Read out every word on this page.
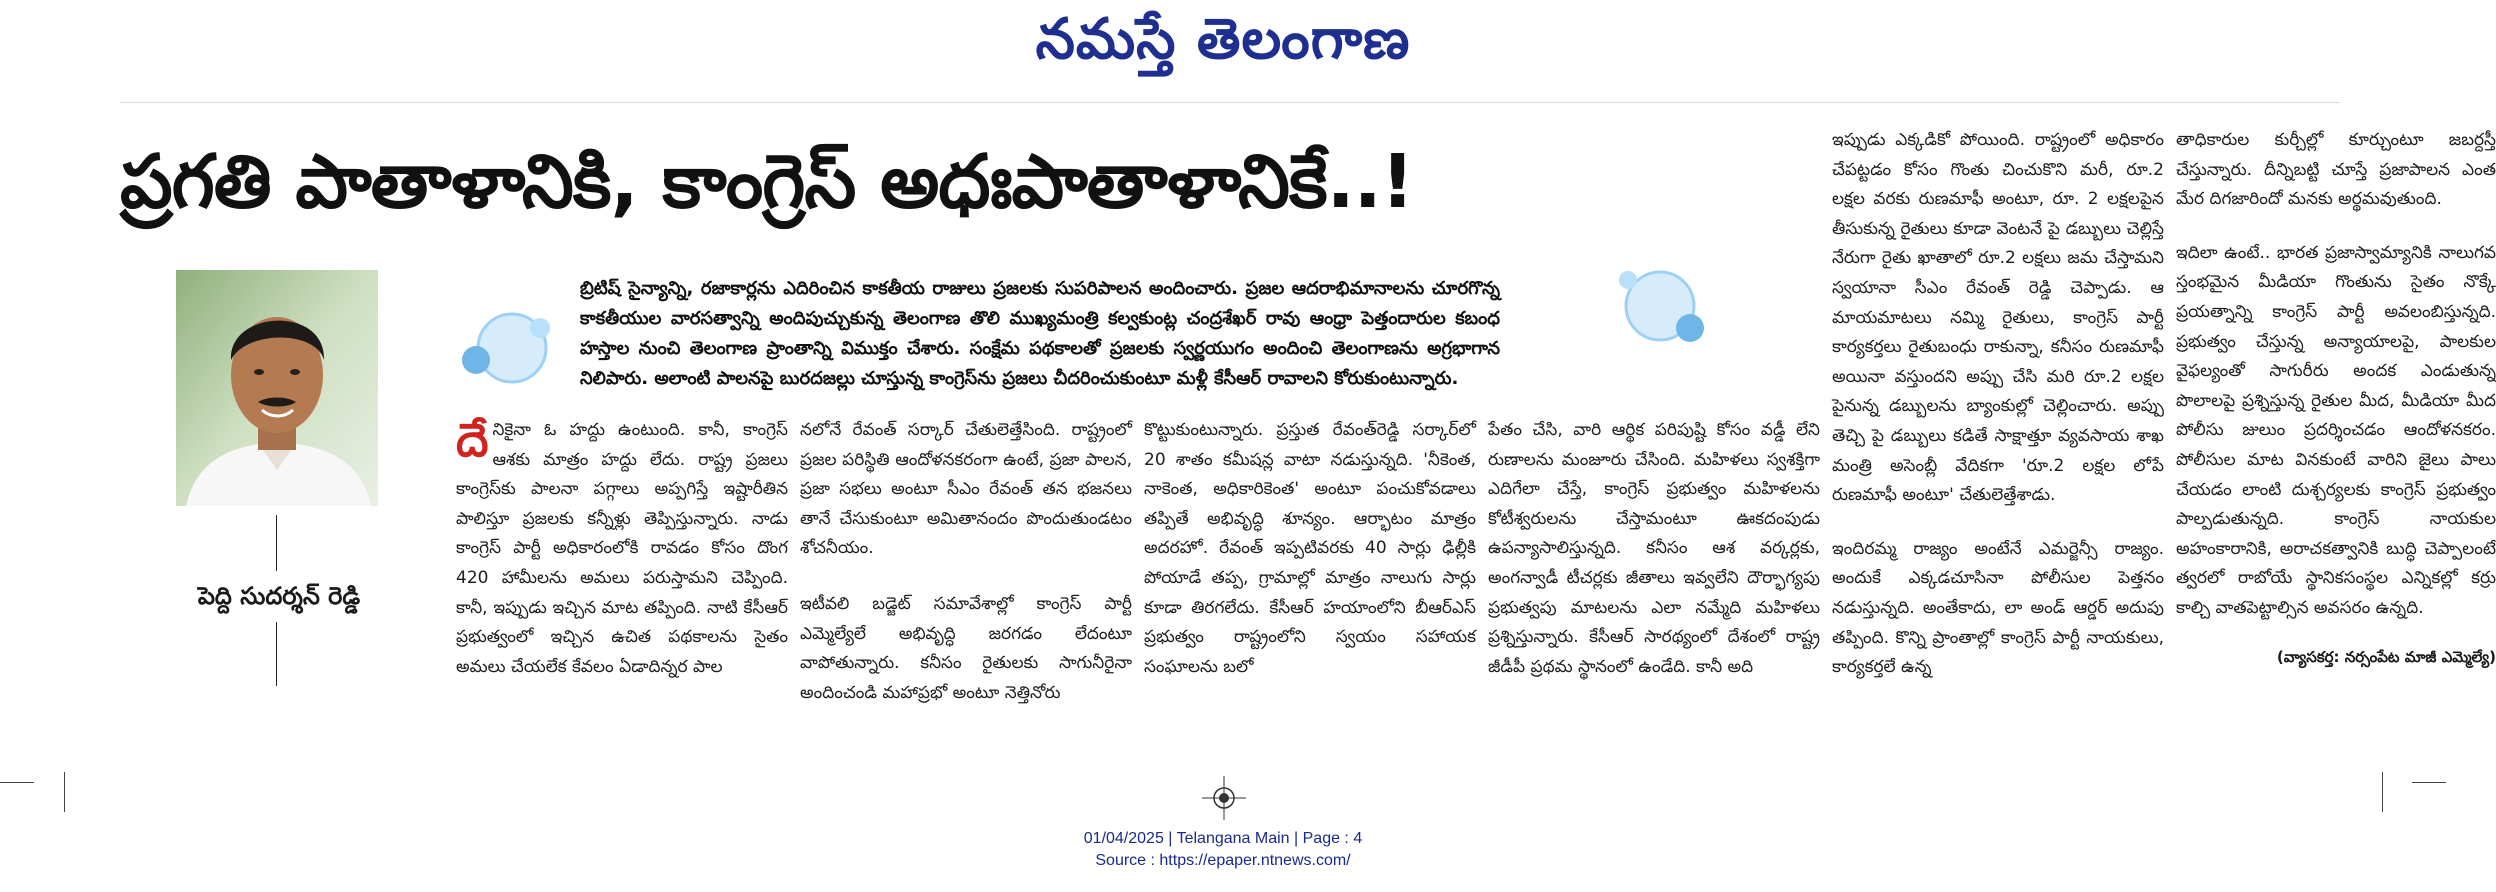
నమస్తే తెలంగాణ
ప్రగతి పాతాళానికి, కాంగ్రెస్ అధఃపాతాళానికే..!
పెద్ది సుదర్శన్ రెడ్డి
బ్రిటిష్ సైన్యాన్ని, రజాకార్లను ఎదిరించిన కాకతీయ రాజులు ప్రజలకు సుపరిపాలన అందించారు. ప్రజల ఆదరాభిమానాలను చూరగొన్న కాకతీయుల వారసత్వాన్ని అందిపుచ్చుకున్న తెలంగాణ తొలి ముఖ్యమంత్రి కల్వకుంట్ల చంద్రశేఖర్ రావు ఆంధ్రా పెత్తందారుల కబంధ హస్తాల నుంచి తెలంగాణ ప్రాంతాన్ని విముక్తం చేశారు. సంక్షేమ పథకాలతో ప్రజలకు స్వర్ణయుగం అందించి తెలంగాణను అగ్రభాగాన నిలిపారు. అలాంటి పాలనపై బురదజల్లు చూస్తున్న కాంగ్రెస్‌ను ప్రజలు చీదరించుకుంటూ మళ్లీ కేసీఆర్ రావాలని కోరుకుంటున్నారు.
దే నికైనా ఓ హద్దు ఉంటుంది. కానీ, కాంగ్రెస్ ఆశకు మాత్రం హద్దు లేదు. రాష్ట్ర ప్రజలు కాంగ్రెస్‌కు పాలనా పగ్గాలు అప్పగిస్తే ఇష్టారీతిన పాలిస్తూ ప్రజలకు కన్నీళ్లు తెప్పిస్తున్నారు. నాడు కాంగ్రెస్ పార్టీ అధికారంలోకి రావడం కోసం దొంగ 420 హామీలను అమలు పరుస్తామని చెప్పింది. కానీ, ఇప్పుడు ఇచ్చిన మాట తప్పింది. నాటి కేసీఆర్ ప్రభుత్వంలో ఇచ్చిన ఉచిత పథకాలను సైతం అమలు చేయలేక కేవలం ఏడాదిన్నర పాల

నలోనే రేవంత్ సర్కార్ చేతులెత్తేసింది. రాష్ట్రంలో ప్రజల పరిస్థితి ఆందోళనకరంగా ఉంటే, ప్రజా పాలన, ప్రజా సభలు అంటూ సీఎం రేవంత్ తన భజనలు తానే చేసుకుంటూ అమితానందం పొందుతుండటం శోచనీయం.

ఇటీవలి బడ్జెట్ సమావేశాల్లో కాంగ్రెస్ పార్టీ ఎమ్మెల్యేలే అభివృద్ధి జరగడం లేదంటూ వాపోతున్నారు. కనీసం రైతులకు సాగునీరైనా అందించండి మహాప్రభో అంటూ నెత్తినోరు

కొట్టుకుంటున్నారు. ప్రస్తుత రేవంత్‌రెడ్డి సర్కార్‌లో 20 శాతం కమీషన్ల వాటా నడుస్తున్నది. 'నీకెంత, నాకెంత, అధికారికెంత' అంటూ పంచుకోవడాలు తప్పితే అభివృద్ధి శూన్యం. ఆర్భాటం మాత్రం అదరహో. రేవంత్ ఇప్పటివరకు 40 సార్లు ఢిల్లీకి పోయాడే తప్ప, గ్రామాల్లో మాత్రం నాలుగు సార్లు కూడా తిరగలేదు. కేసీఆర్ హయాంలోని బీఆర్ఎస్ ప్రభుత్వం రాష్ట్రంలోని స్వయం సహాయక సంఘాలను బలో

పేతం చేసి, వారి ఆర్థిక పరిపుష్టి కోసం వడ్డీ లేని రుణాలను మంజూరు చేసింది. మహిళలు స్వశక్తిగా ఎదిగేలా చేస్తే, కాంగ్రెస్ ప్రభుత్వం మహిళలను కోటీశ్వరులను చేస్తామంటూ ఊకదంపుడు ఉపన్యాసాలిస్తున్నది. కనీసం ఆశ వర్కర్లకు, అంగన్వాడీ టీచర్లకు జీతాలు ఇవ్వలేని దౌర్భాగ్యపు ప్రభుత్వపు మాటలను ఎలా నమ్మేది మహిళలు ప్రశ్నిస్తున్నారు. కేసీఆర్ సారథ్యంలో దేశంలో రాష్ట్ర జీడీపీ ప్రథమ స్థానంలో ఉండేది. కానీ అది

ఇప్పుడు ఎక్కడికో పోయింది. రాష్ట్రంలో అధికారం చేపట్టడం కోసం గొంతు చించుకొని మరీ, రూ.2 లక్షల వరకు రుణమాఫీ అంటూ, రూ. 2 లక్షలపైన తీసుకున్న రైతులు కూడా వెంటనే పై డబ్బులు చెల్లిస్తే నేరుగా రైతు ఖాతాలో రూ.2 లక్షలు జమ చేస్తామని స్వయానా సీఎం రేవంత్ రెడ్డి చెప్పాడు. ఆ మాయమాటలు నమ్మి రైతులు, కాంగ్రెస్ పార్టీ కార్యకర్తలు రైతుబంధు రాకున్నా, కనీసం రుణమాఫీ అయినా వస్తుందని అప్పు చేసి మరి రూ.2 లక్షల పైనున్న డబ్బులను బ్యాంకుల్లో చెల్లించారు. అప్పు తెచ్చి పై డబ్బులు కడితే సాక్షాత్తూ వ్యవసాయ శాఖ మంత్రి అసెంబ్లీ వేదికగా 'రూ.2 లక్షల లోపే రుణమాఫీ అంటూ' చేతులెత్తేశాడు.

ఇందిరమ్మ రాజ్యం అంటేనే ఎమర్జెన్సీ రాజ్యం. అందుకే ఎక్కడచూసినా పోలీసుల పెత్తనం నడుస్తున్నది. అంతేకాదు, లా అండ్ ఆర్డర్ అదుపు తప్పింది. కొన్ని ప్రాంతాల్లో కాంగ్రెస్ పార్టీ నాయకులు, కార్యకర్తలే ఉన్న

తాధికారుల కుర్చీల్లో కూర్చుంటూ జబర్దస్తీ చేస్తున్నారు. దీన్నిబట్టి చూస్తే ప్రజాపాలన ఎంత మేర దిగజారిందో మనకు అర్థమవుతుంది.

ఇదిలా ఉంటే.. భారత ప్రజాస్వామ్యానికి నాలుగవ స్తంభమైన మీడియా గొంతును సైతం నొక్కే ప్రయత్నాన్ని కాంగ్రెస్ పార్టీ అవలంబిస్తున్నది. ప్రభుత్వం చేస్తున్న అన్యాయాలపై, పాలకుల వైఫల్యంతో సాగురీరు అందక ఎండుతున్న పొలాలపై ప్రశ్నిస్తున్న రైతుల మీద, మీడియా మీద పోలీసు జులుం ప్రదర్శించడం ఆందోళనకరం. పోలీసుల మాట వినకుంటే వారిని జైలు పాలు చేయడం లాంటి దుశ్చర్యలకు కాంగ్రెస్ ప్రభుత్వం పాల్పడుతున్నది. కాంగ్రెస్ నాయకుల అహంకారానికి, అరాచకత్వానికి బుద్ధి చెప్పాలంటే త్వరలో రాబోయే స్థానికసంస్థల ఎన్నికల్లో కర్రు కాల్చి వాతపెట్టాల్సిన అవసరం ఉన్నది.

(వ్యాసకర్త: నర్సంపేట మాజీ ఎమ్మెల్యే)
01/04/2025 | Telangana Main | Page : 4
Source : https://epaper.ntnews.com/
